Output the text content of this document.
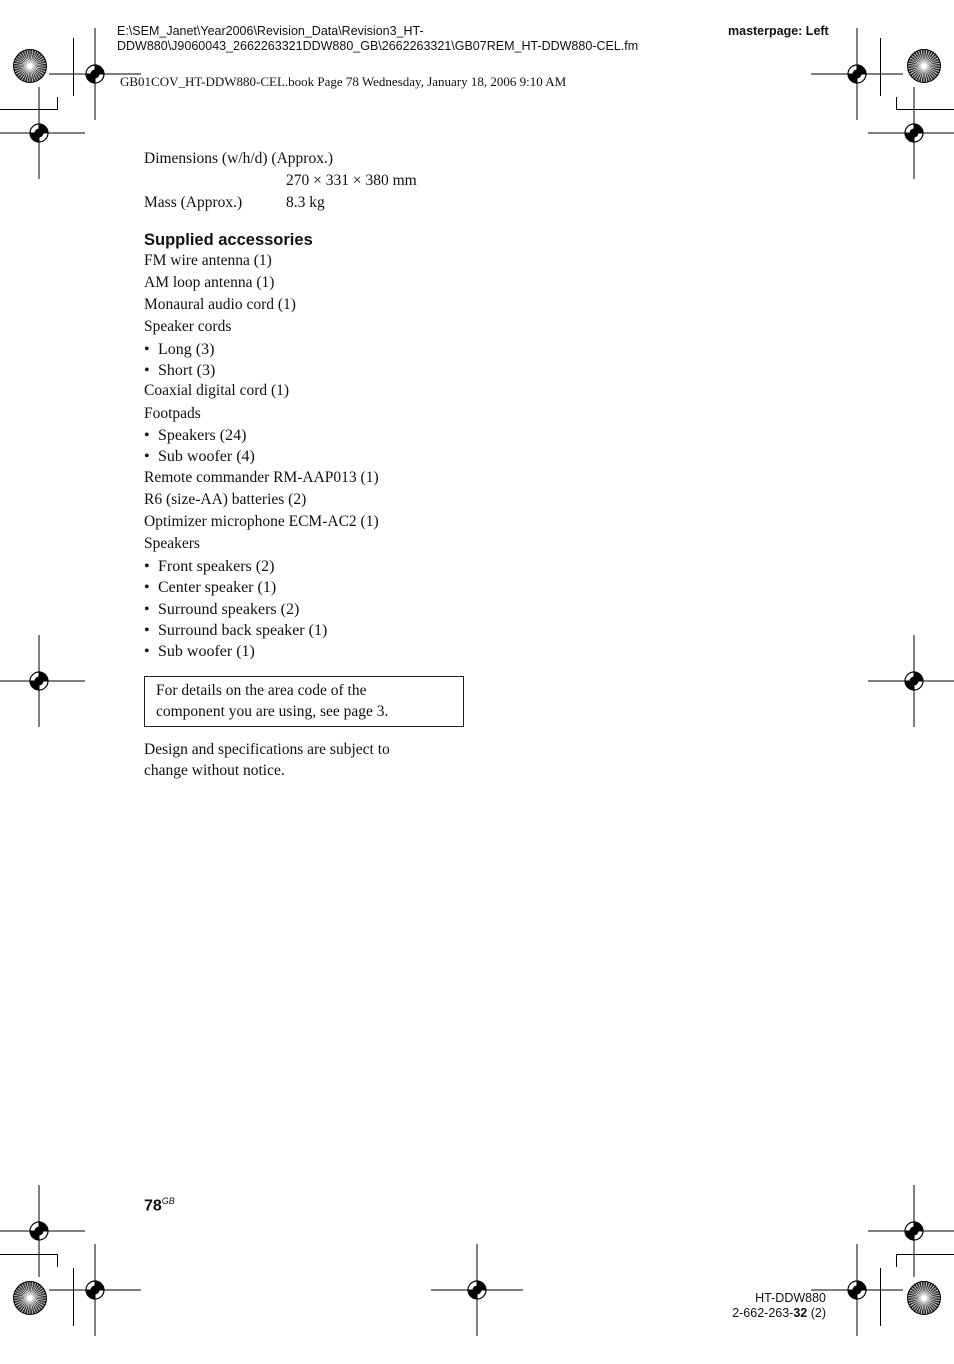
E:\SEM_Janet\Year2006\Revision_Data\Revision3_HT-
DDW880\J9060043_2662263321DDW880_GB\2662263321\GB07REM_HT-DDW880-CEL.fm
masterpage: Left
GB01COV_HT-DDW880-CEL.book Page 78 Wednesday, January 18, 2006 9:10 AM
Dimensions (w/h/d) (Approx.)
270 × 331 × 380 mm
Mass (Approx.)	8.3 kg
Supplied accessories
FM wire antenna (1)
AM loop antenna (1)
Monaural audio cord (1)
Speaker cords
• Long (3)
• Short (3)
Coaxial digital cord (1)
Footpads
• Speakers (24)
• Sub woofer (4)
Remote commander RM-AAP013 (1)
R6 (size-AA) batteries (2)
Optimizer microphone ECM-AC2 (1)
Speakers
• Front speakers (2)
• Center speaker (1)
• Surround speakers (2)
• Surround back speaker (1)
• Sub woofer (1)
For details on the area code of the
component you are using, see page 3.
Design and specifications are subject to
change without notice.
$78^{GB}$
HT-DDW880
2-662-263-32 (2)
